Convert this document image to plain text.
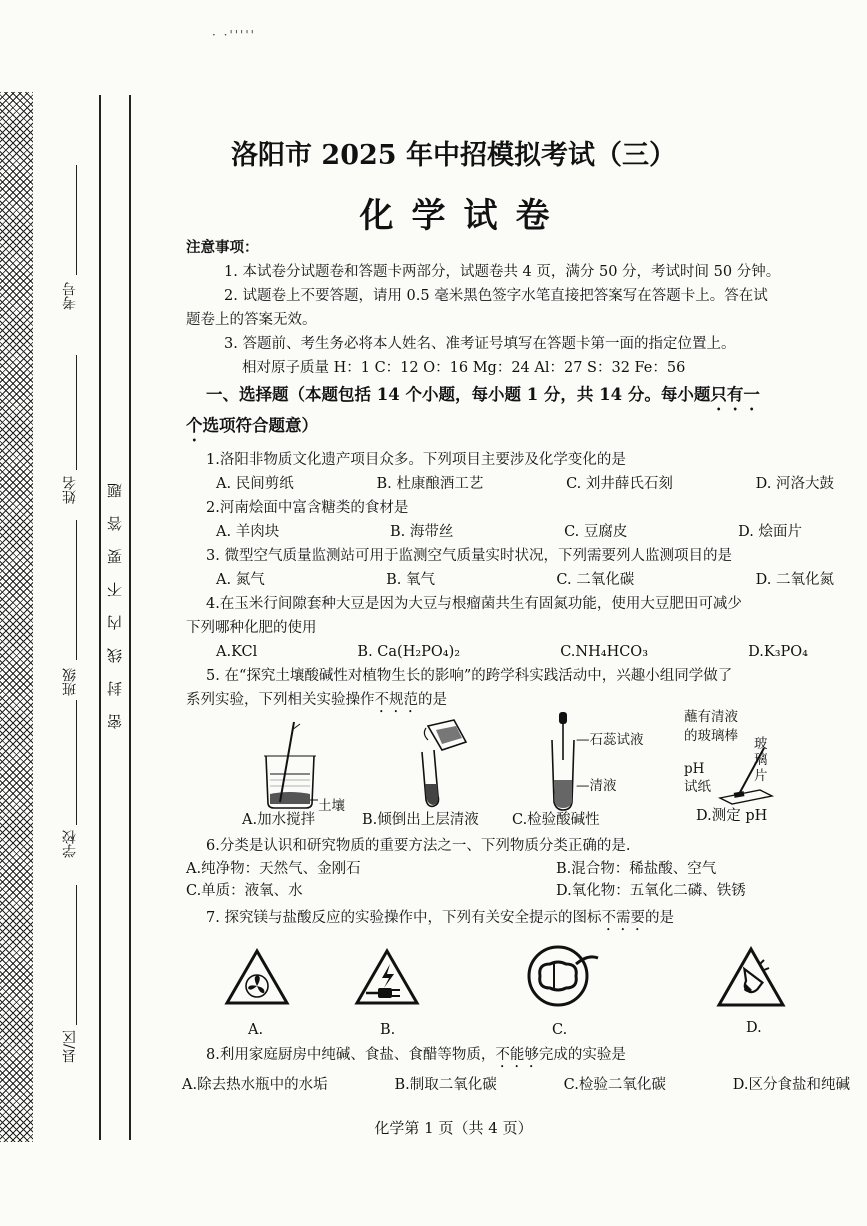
考号
姓名
班级
学校
县/区
密封线内不要答题
· ·'''''
洛阳市 2025 年中招模拟考试（三）
化学试卷

注意事项：

1. 本试卷分试题卷和答题卡两部分，试题卷共 4 页，满分 50 分，考试时间 50 分钟。

2. 试题卷上不要答题，请用 0.5 毫米黑色签字水笔直接把答案写在答题卡上。答在试

题卷上的答案无效。

3. 答题前、考生务必将本人姓名、准考证号填写在答题卡第一面的指定位置上。

相对原子质量 H：1 C：12 O：16 Mg：24 Al：27 S：32 Fe：56

一、选择题（本题包括 14 个小题，每小题 1 分，共 14 分。每小题只有一

个选项符合题意）

1.洛阳非物质文化遗产项目众多。下列项目主要涉及化学变化的是

A. 民间剪纸	B. 杜康酿酒工艺	C. 刘井薛氏石刻	D. 河洛大鼓

2.河南烩面中富含糖类的食材是

A. 羊肉块	B. 海带丝	C. 豆腐皮	D. 烩面片

3. 微型空气质量监测站可用于监测空气质量实时状况，下列需要列人监测项目的是

A. 氮气	B. 氧气	C. 二氧化碳	D. 二氧化氮

4.在玉米行间隙套种大豆是因为大豆与根瘤菌共生有固氮功能，使用大豆肥田可减少

下列哪种化肥的使用

A.KCl	B. Ca(H₂PO₄)₂	C.NH₄HCO₃	D.K₃PO₄

5. 在“探究土壤酸碱性对植物生长的影响”的跨学科实践活动中，兴趣小组同学做了

系列实验，下列相关实验操作不规范的是

土壤
—石蕊试液
—清液
蘸有清液
的玻璃棒 玻
璃
片
pH
试纸
A.加水搅拌	B.倾倒出上层清液 C.检验酸碱性	D.测定 pH

6.分类是认识和研究物质的重要方法之一、下列物质分类正确的是.

A.纯净物：天然气、金刚石	B.混合物：稀盐酸、空气
C.单质：液氧、水	D.氧化物：五氧化二磷、铁锈

7. 探究镁与盐酸反应的实验操作中，下列有关安全提示的图标不需要的是

A.	B.	C.	D.

8.利用家庭厨房中纯碱、食盐、食醋等物质，不能够完成的实验是

A.除去热水瓶中的水垢	B.制取二氧化碳	C.检验二氧化碳	D.区分食盐和纯碱

化学第 1 页（共 4 页）
